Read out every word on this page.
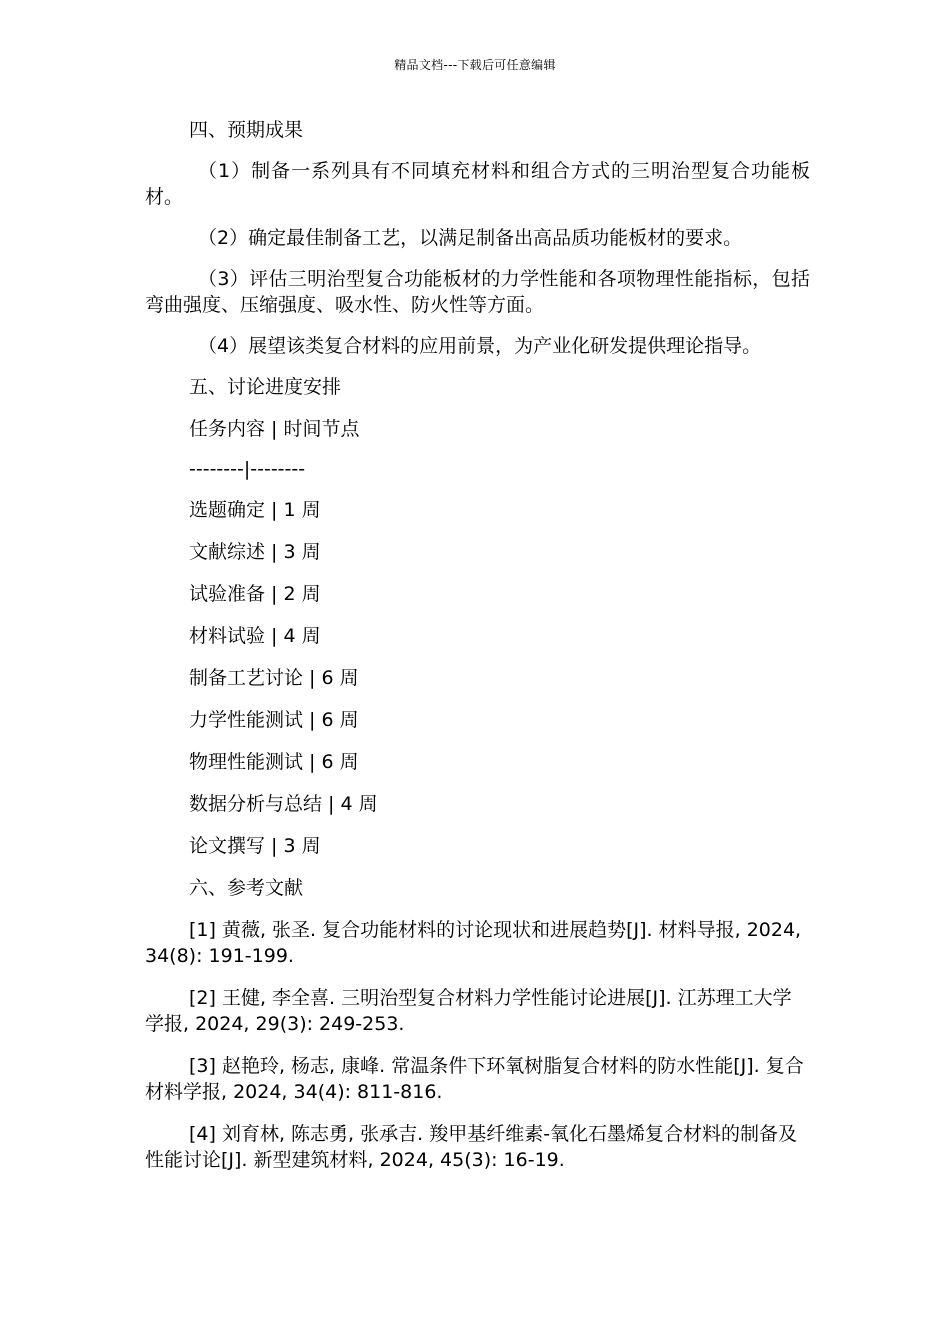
精品文档---下载后可任意编辑

四、预期成果

（1）制备一系列具有不同填充材料和组合方式的三明治型复合功能板材。

（2）确定最佳制备工艺，以满足制备出高品质功能板材的要求。

（3）评估三明治型复合功能板材的力学性能和各项物理性能指标，包括弯曲强度、压缩强度、吸水性、防火性等方面。

（4）展望该类复合材料的应用前景，为产业化研发提供理论指导。

五、讨论进度安排

任务内容 | 时间节点

--------|--------

选题确定 | 1 周

文献综述 | 3 周

试验准备 | 2 周

材料试验 | 4 周

制备工艺讨论 | 6 周

力学性能测试 | 6 周

物理性能测试 | 6 周

数据分析与总结 | 4 周

论文撰写 | 3 周

六、参考文献

[1] 黄薇, 张圣. 复合功能材料的讨论现状和进展趋势[J]. 材料导报, 2024, 34(8): 191-199.

[2] 王健, 李全喜. 三明治型复合材料力学性能讨论进展[J]. 江苏理工大学学报, 2024, 29(3): 249-253.

[3] 赵艳玲, 杨志, 康峰. 常温条件下环氧树脂复合材料的防水性能[J]. 复合材料学报, 2024, 34(4): 811-816.

[4] 刘育林, 陈志勇, 张承吉. 羧甲基纤维素-氧化石墨烯复合材料的制备及性能讨论[J]. 新型建筑材料, 2024, 45(3): 16-19.
